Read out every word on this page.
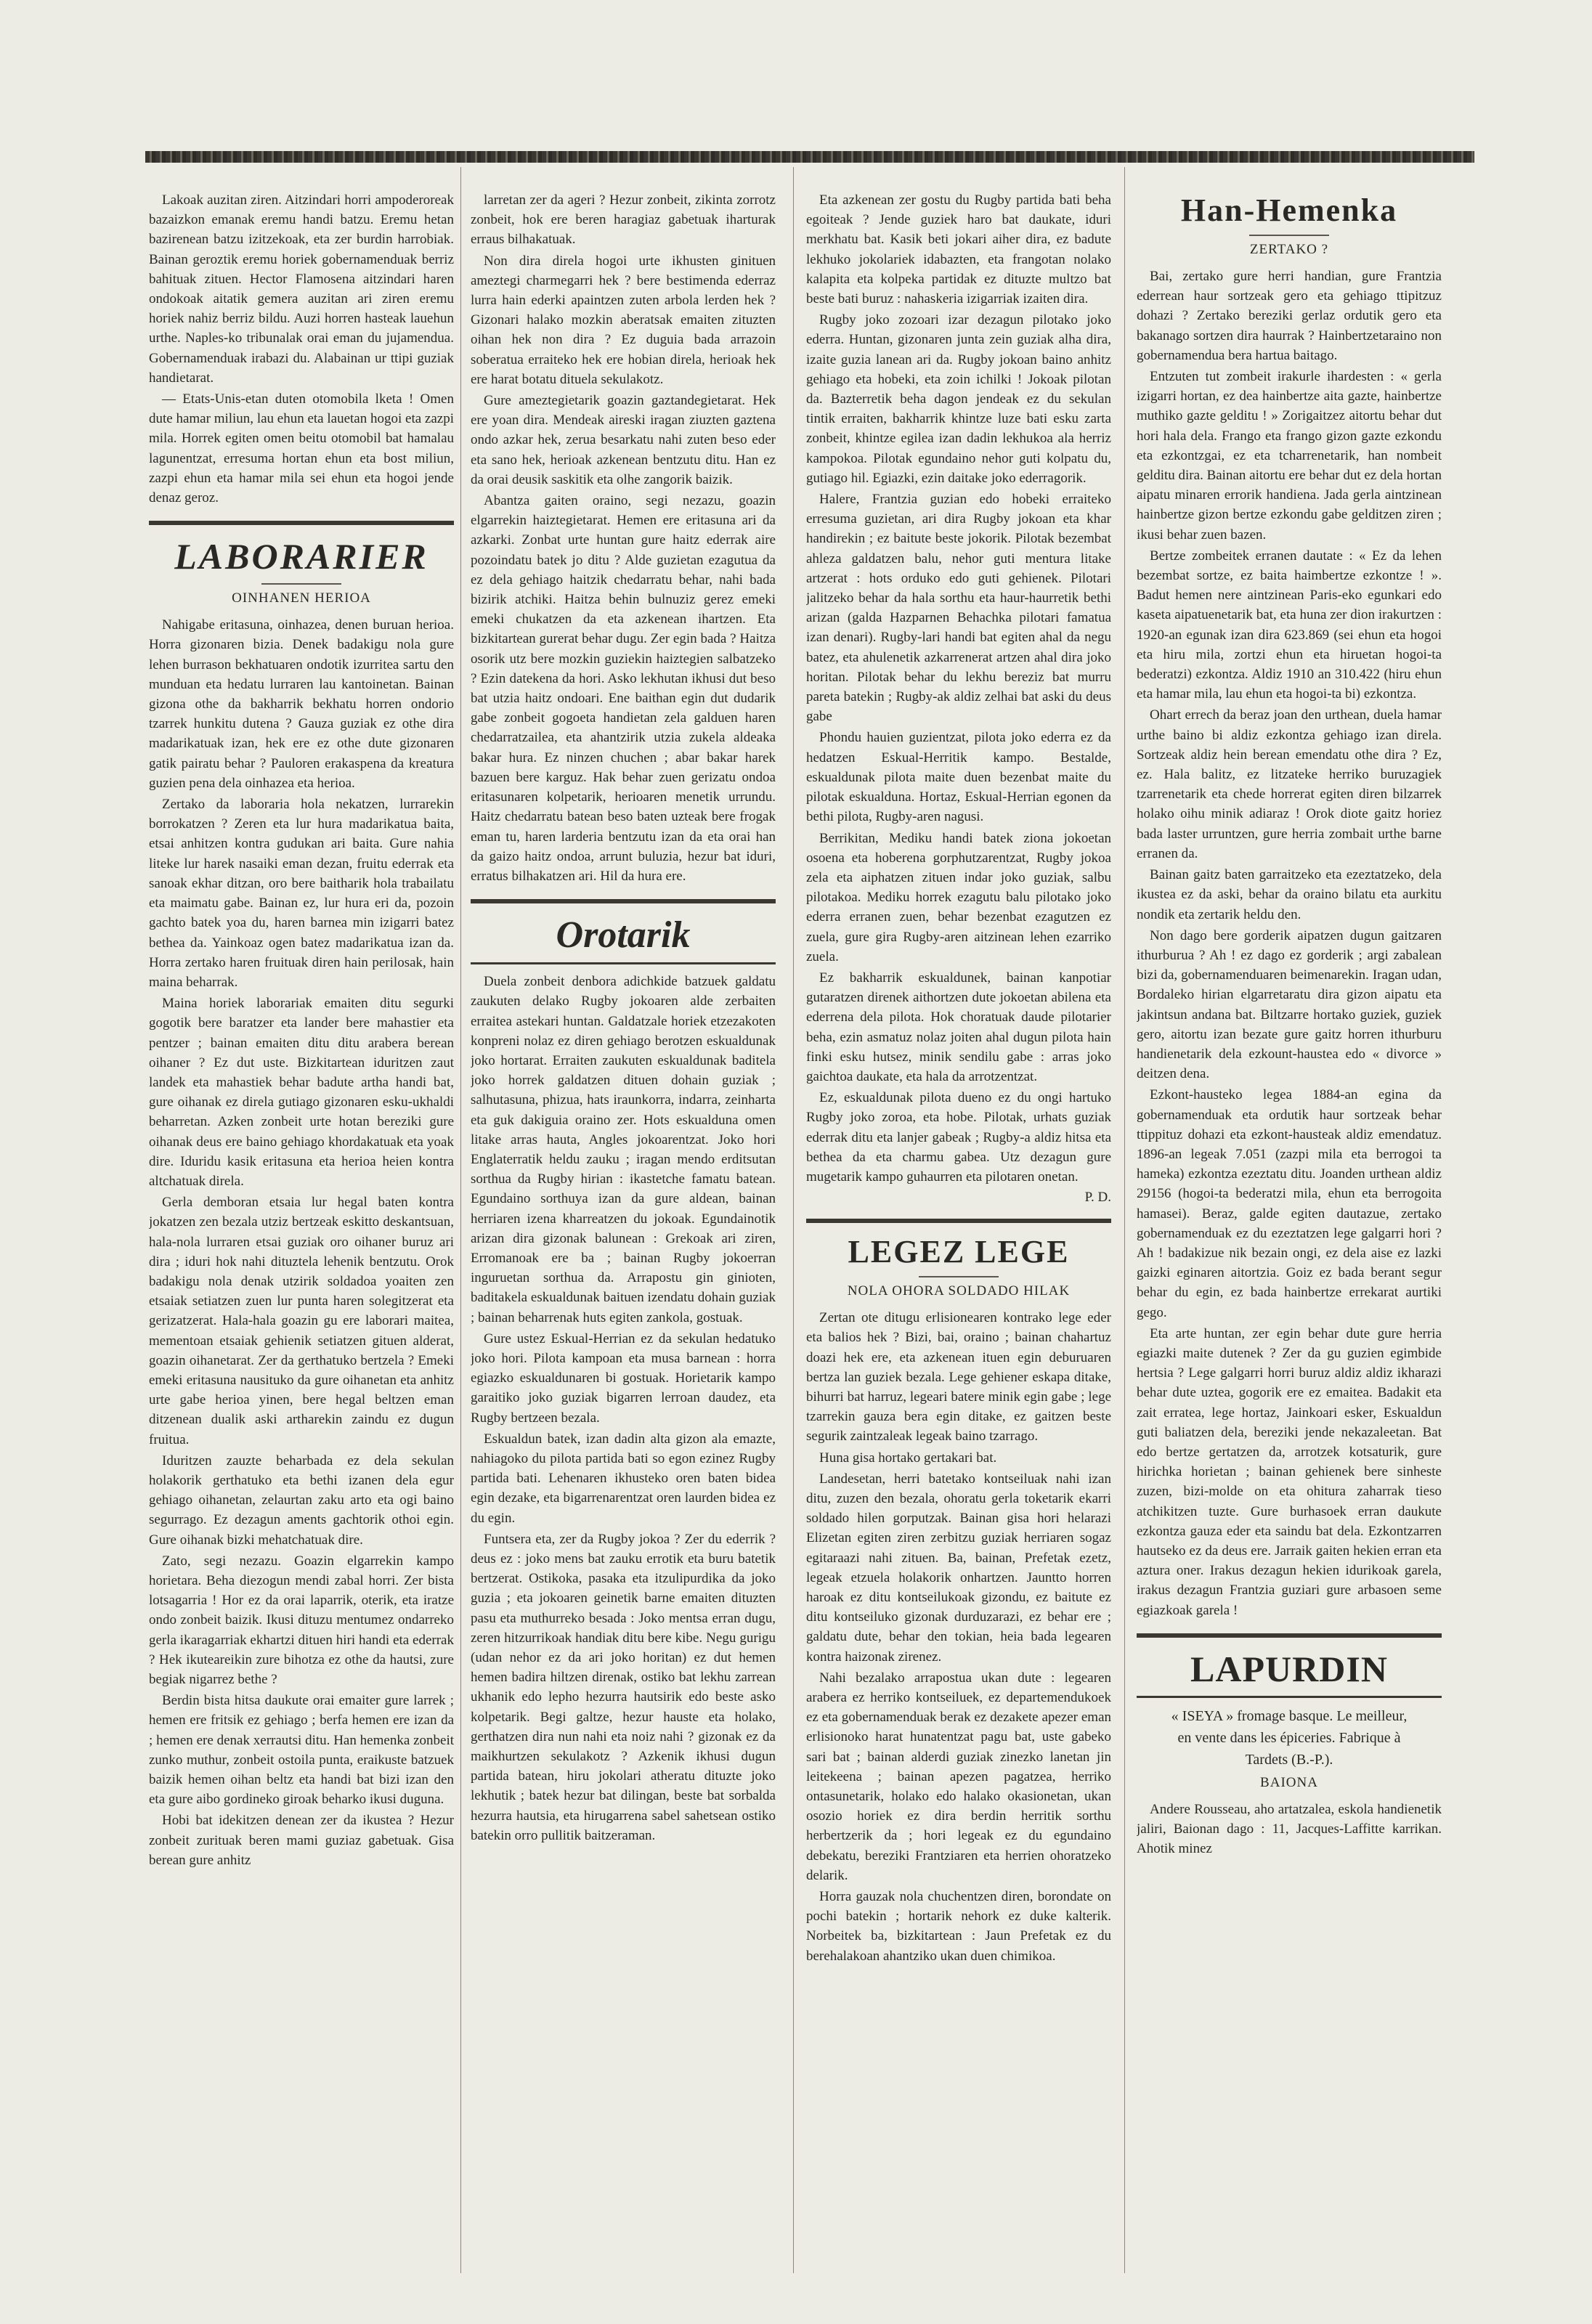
Lakoak auzitan ziren. Aitzindari horri ampoderoreak bazaizkon emanak eremu handi batzu. Eremu hetan bazirenean batzu izitzekoak, eta zer burdin harrobiak. Bainan geroztik eremu horiek gobernamenduak berriz bahituak zituen. Hector Flamosena aitzindari haren ondokoak aitatik gemera auzitan ari ziren eremu horiek nahiz berriz bildu. Auzi horren hasteak lauehun urthe. Naples-ko tribunalak orai eman du jujamendua. Gobernamenduak irabazi du. Alabainan ur ttipi guziak handietarat.

— Etats-Unis-etan duten otomobila lketa ! Omen dute hamar miliun, lau ehun eta lauetan hogoi eta zazpi mila. Horrek egiten omen beitu otomobil bat hamalau lagunentzat, erresuma hortan ehun eta bost miliun, zazpi ehun eta hamar mila sei ehun eta hogoi jende denaz geroz.

LABORARIER
OINHANEN HERIOA

Nahigabe eritasuna, oinhazea, denen buruan herioa. Horra gizonaren bizia. Denek badakigu nola gure lehen burrason bekhatuaren ondotik izurritea sartu den munduan eta hedatu lurraren lau kantoinetan. Bainan gizona othe da bakharrik bekhatu horren ondorio tzarrek hunkitu dutena ? Gauza guziak ez othe dira madarikatuak izan, hek ere ez othe dute gizonaren gatik pairatu behar ? Pauloren erakaspena da kreatura guzien pena dela oinhazea eta herioa.

Zertako da laboraria hola nekatzen, lurrarekin borrokatzen ? Zeren eta lur hura madarikatua baita, etsai anhitzen kontra gudukan ari baita. Gure nahia liteke lur harek nasaiki eman dezan, fruitu ederrak eta sanoak ekhar ditzan, oro bere baitharik hola trabailatu eta maimatu gabe. Bainan ez, lur hura eri da, pozoin gachto batek yoa du, haren barnea min izigarri batez bethea da. Yainkoaz ogen batez madarikatua izan da. Horra zertako haren fruituak diren hain perilosak, hain maina beharrak.

Maina horiek laborariak emaiten ditu segurki gogotik bere baratzer eta lander bere mahastier eta pentzer ; bainan emaiten ditu ditu arabera berean oihaner ? Ez dut uste. Bizkitartean iduritzen zaut landek eta mahastiek behar badute artha handi bat, gure oihanak ez direla gutiago gizonaren esku-ukhaldi beharretan. Azken zonbeit urte hotan bereziki gure oihanak deus ere baino gehiago khordakatuak eta yoak dire. Iduridu kasik eritasuna eta herioa heien kontra altchatuak direla.

Gerla demboran etsaia lur hegal baten kontra jokatzen zen bezala utziz bertzeak eskitto deskantsuan, hala-nola lurraren etsai guziak oro oihaner buruz ari dira ; iduri hok nahi dituztela lehenik bentzutu. Orok badakigu nola denak utzirik soldadoa yoaiten zen etsaiak setiatzen zuen lur punta haren solegitzerat eta gerizatzerat. Hala-hala goazin gu ere laborari maitea, mementoan etsaiak gehienik setiatzen gituen alderat, goazin oihanetarat. Zer da gerthatuko bertzela ? Emeki emeki eritasuna nausituko da gure oihanetan eta anhitz urte gabe herioa yinen, bere hegal beltzen eman ditzenean dualik aski artharekin zaindu ez dugun fruitua.

Iduritzen zauzte beharbada ez dela sekulan holakorik gerthatuko eta bethi izanen dela egur gehiago oihanetan, zelaurtan zaku arto eta ogi baino segurrago. Ez dezagun aments gachtorik othoi egin. Gure oihanak bizki mehatchatuak dire.

Zato, segi nezazu. Goazin elgarrekin kampo horietara. Beha diezogun mendi zabal horri. Zer bista lotsagarria ! Hor ez da orai laparrik, oterik, eta iratze ondo zonbeit baizik. Ikusi dituzu mentumez ondarreko gerla ikaragarriak ekhartzi dituen hiri handi eta ederrak ? Hek ikuteareikin zure bihotza ez othe da hautsi, zure begiak nigarrez bethe ?

Berdin bista hitsa daukute orai emaiter gure larrek ; hemen ere fritsik ez gehiago ; berfa hemen ere izan da ; hemen ere denak xerrautsi ditu. Han hemenka zonbeit zunko muthur, zonbeit ostoila punta, eraikuste batzuek baizik hemen oihan beltz eta handi bat bizi izan den eta gure aibo gordineko giroak beharko ikusi duguna.

Hobi bat idekitzen denean zer da ikustea ? Hezur zonbeit zurituak beren mami guziaz gabetuak. Gisa berean gure anhitz

larretan zer da ageri ? Hezur zonbeit, zikinta zorrotz zonbeit, hok ere beren haragiaz gabetuak iharturak erraus bilhakatuak.

Non dira direla hogoi urte ikhusten ginituen ameztegi charmegarri hek ? bere bestimenda ederraz lurra hain ederki apaintzen zuten arbola lerden hek ? Gizonari halako mozkin aberatsak emaiten zituzten oihan hek non dira ? Ez duguia bada arrazoin soberatua erraiteko hek ere hobian direla, herioak hek ere harat botatu dituela sekulakotz.

Gure ameztegietarik goazin gaztandegietarat. Hek ere yoan dira. Mendeak aireski iragan ziuzten gaztena ondo azkar hek, zerua besarkatu nahi zuten beso eder eta sano hek, herioak azkenean bentzutu ditu. Han ez da orai deusik saskitik eta olhe zangorik baizik.

Abantza gaiten oraino, segi nezazu, goazin elgarrekin haiztegietarat. Hemen ere eritasuna ari da azkarki. Zonbat urte huntan gure haitz ederrak aire pozoindatu batek jo ditu ? Alde guzietan ezagutua da ez dela gehiago haitzik chedarratu behar, nahi bada bizirik atchiki. Haitza behin bulnuziz gerez emeki emeki chukatzen da eta azkenean ihartzen. Eta bizkitartean gurerat behar dugu. Zer egin bada ? Haitza osorik utz bere mozkin guziekin haiztegien salbatzeko ? Ezin datekena da hori. Asko lekhutan ikhusi dut beso bat utzia haitz ondoari. Ene baithan egin dut dudarik gabe zonbeit gogoeta handietan zela galduen haren chedarratzailea, eta ahantzirik utzia zukela aldeaka bakar hura. Ez ninzen chuchen ; abar bakar harek bazuen bere karguz. Hak behar zuen gerizatu ondoa eritasunaren kolpetarik, herioaren menetik urrundu. Haitz chedarratu batean beso baten uzteak bere frogak eman tu, haren larderia bentzutu izan da eta orai han da gaizo haitz ondoa, arrunt buluzia, hezur bat iduri, erratus bilhakatzen ari. Hil da hura ere.

Orotarik

Duela zonbeit denbora adichkide batzuek galdatu zaukuten delako Rugby jokoaren alde zerbaiten erraitea astekari huntan. Galdatzale horiek etzezakoten konpreni nolaz ez diren gehiago berotzen eskualdunak joko hortarat. Erraiten zaukuten eskualdunak baditela joko horrek galdatzen dituen dohain guziak ; salhutasuna, phizua, hats iraunkorra, indarra, zeinharta eta guk dakiguia oraino zer. Hots eskualduna omen litake arras hauta, Angles jokoarentzat. Joko hori Englaterratik heldu zauku ; iragan mendo erditsutan sorthua da Rugby hirian : ikastetche famatu batean. Egundaino sorthuya izan da gure aldean, bainan herriaren izena kharreatzen du jokoak. Egundainotik arizan dira gizonak balunean : Grekoak ari ziren, Erromanoak ere ba ; bainan Rugby jokoerran inguruetan sorthua da. Arrapostu gin ginioten, baditakela eskualdunak baituen izendatu dohain guziak ; bainan beharrenak huts egiten zankola, gostuak.

Gure ustez Eskual-Herrian ez da sekulan hedatuko joko hori. Pilota kampoan eta musa barnean : horra egiazko eskualdunaren bi gostuak. Horietarik kampo garaitiko joko guziak bigarren lerroan daudez, eta Rugby bertzeen bezala.

Eskualdun batek, izan dadin alta gizon ala emazte, nahiagoko du pilota partida bati so egon ezinez Rugby partida bati. Lehenaren ikhusteko oren baten bidea egin dezake, eta bigarrenarentzat oren laurden bidea ez du egin.

Funtsera eta, zer da Rugby jokoa ? Zer du ederrik ? deus ez : joko mens bat zauku errotik eta buru batetik bertzerat. Ostikoka, pasaka eta itzulipurdika da joko guzia ; eta jokoaren geinetik barne emaiten dituzten pasu eta muthurreko besada : Joko mentsa erran dugu, zeren hitzurrikoak handiak ditu bere kibe. Negu gurigu (udan nehor ez da ari joko horitan) ez dut hemen hemen badira hiltzen direnak, ostiko bat lekhu zarrean ukhanik edo lepho hezurra hautsirik edo beste asko kolpetarik. Begi galtze, hezur hauste eta holako, gerthatzen dira nun nahi eta noiz nahi ? gizonak ez da maikhurtzen sekulakotz ? Azkenik ikhusi dugun partida batean, hiru jokolari atheratu dituzte joko lekhutik ; batek hezur bat dilingan, beste bat sorbalda hezurra hautsia, eta hirugarrena sabel sahetsean ostiko batekin orro pullitik baitzeraman.

Eta azkenean zer gostu du Rugby partida bati beha egoiteak ? Jende guziek haro bat daukate, iduri merkhatu bat. Kasik beti jokari aiher dira, ez badute lekhuko jokolariek idabazten, eta frangotan nolako kalapita eta kolpeka partidak ez dituzte multzo bat beste bati buruz : nahaskeria izigarriak izaiten dira.

Rugby joko zozoari izar dezagun pilotako joko ederra. Huntan, gizonaren junta zein guziak alha dira, izaite guzia lanean ari da. Rugby jokoan baino anhitz gehiago eta hobeki, eta zoin ichilki ! Jokoak pilotan da. Bazterretik beha dagon jendeak ez du sekulan tintik erraiten, bakharrik khintze luze bati esku zarta zonbeit, khintze egilea izan dadin lekhukoa ala herriz kampokoa. Pilotak egundaino nehor guti kolpatu du, gutiago hil. Egiazki, ezin daitake joko ederragorik.

Halere, Frantzia guzian edo hobeki erraiteko erresuma guzietan, ari dira Rugby jokoan eta khar handirekin ; ez baitute beste jokorik. Pilotak bezembat ahleza galdatzen balu, nehor guti mentura litake artzerat : hots orduko edo guti gehienek. Pilotari jalitzeko behar da hala sorthu eta haur-haurretik bethi arizan (galda Hazparnen Behachka pilotari famatua izan denari). Rugby-lari handi bat egiten ahal da negu batez, eta ahulenetik azkarrenerat artzen ahal dira joko horitan. Pilotak behar du lekhu bereziz bat murru pareta batekin ; Rugby-ak aldiz zelhai bat aski du deus gabe

Phondu hauien guzientzat, pilota joko ederra ez da hedatzen Eskual-Herritik kampo. Bestalde, eskualdunak pilota maite duen bezenbat maite du pilotak eskualduna. Hortaz, Eskual-Herrian egonen da bethi pilota, Rugby-aren nagusi.

Berrikitan, Mediku handi batek ziona jokoetan osoena eta hoberena gorphutzarentzat, Rugby jokoa zela eta aiphatzen zituen indar joko guziak, salbu pilotakoa. Mediku horrek ezagutu balu pilotako joko ederra erranen zuen, behar bezenbat ezagutzen ez zuela, gure gira Rugby-aren aitzinean lehen ezarriko zuela.

Ez bakharrik eskualdunek, bainan kanpotiar gutaratzen direnek aithortzen dute jokoetan abilena eta ederrena dela pilota. Hok choratuak daude pilotarier beha, ezin asmatuz nolaz joiten ahal dugun pilota hain finki esku hutsez, minik sendilu gabe : arras joko gaichtoa daukate, eta hala da arrotzentzat.

Ez, eskualdunak pilota dueno ez du ongi hartuko Rugby joko zoroa, eta hobe. Pilotak, urhats guziak ederrak ditu eta lanjer gabeak ; Rugby-a aldiz hitsa eta bethea da eta charmu gabea. Utz dezagun gure mugetarik kampo guhaurren eta pilotaren onetan.

P. D.
LEGEZ LEGE
NOLA OHORA SOLDADO HILAK

Zertan ote ditugu erlisionearen kontrako lege eder eta balios hek ? Bizi, bai, oraino ; bainan chahartuz doazi hek ere, eta azkenean ituen egin deburuaren bertza lan guziek bezala. Lege gehiener eskapa ditake, bihurri bat harruz, legeari batere minik egin gabe ; lege tzarrekin gauza bera egin ditake, ez gaitzen beste segurik zaintzaleak legeak baino tzarrago.

Huna gisa hortako gertakari bat.

Landesetan, herri batetako kontseiluak nahi izan ditu, zuzen den bezala, ohoratu gerla toketarik ekarri soldado hilen gorputzak. Bainan gisa hori helarazi Elizetan egiten ziren zerbitzu guziak herriaren sogaz egitaraazi nahi zituen. Ba, bainan, Prefetak ezetz, legeak etzuela holakorik onhartzen. Jauntto horren haroak ez ditu kontseilukoak gizondu, ez baitute ez ditu kontseiluko gizonak durduzarazi, ez behar ere ; galdatu dute, behar den tokian, heia bada legearen kontra haizonak zirenez.

Nahi bezalako arrapostua ukan dute : legearen arabera ez herriko kontseiluek, ez departemendukoek ez eta gobernamenduak berak ez dezakete apezer eman erlisionoko harat hunatentzat pagu bat, uste gabeko sari bat ; bainan alderdi guziak zinezko lanetan jin leitekeena ; bainan apezen pagatzea, herriko ontasunetarik, holako edo halako okasionetan, ukan osozio horiek ez dira berdin herritik sorthu herbertzerik da ; hori legeak ez du egundaino debekatu, bereziki Frantziaren eta herrien ohoratzeko delarik.

Horra gauzak nola chuchentzen diren, borondate on pochi batekin ; hortarik nehork ez duke kalterik. Norbeitek ba, bizkitartean : Jaun Prefetak ez du berehalakoan ahantziko ukan duen chimikoa.

Han-Hemenka
ZERTAKO ?

Bai, zertako gure herri handian, gure Frantzia ederrean haur sortzeak gero eta gehiago ttipitzuz dohazi ? Zertako bereziki gerlaz ordutik gero eta bakanago sortzen dira haurrak ? Hainbertzetaraino non gobernamendua bera hartua baitago.

Entzuten tut zombeit irakurle ihardesten : « gerla izigarri hortan, ez dea hainbertze aita gazte, hainbertze muthiko gazte gelditu ! » Zorigaitzez aitortu behar dut hori hala dela. Frango eta frango gizon gazte ezkondu eta ezkontzgai, ez eta tcharrenetarik, han nombeit gelditu dira. Bainan aitortu ere behar dut ez dela hortan aipatu minaren errorik handiena. Jada gerla aintzinean hainbertze gizon bertze ezkondu gabe gelditzen ziren ; ikusi behar zuen bazen.

Bertze zombeitek erranen dautate : « Ez da lehen bezembat sortze, ez baita haimbertze ezkontze ! ». Badut hemen nere aintzinean Paris-eko egunkari edo kaseta aipatuenetarik bat, eta huna zer dion irakurtzen : 1920-an egunak izan dira 623.869 (sei ehun eta hogoi eta hiru mila, zortzi ehun eta hiruetan hogoi-ta bederatzi) ezkontza. Aldiz 1910 an 310.422 (hiru ehun eta hamar mila, lau ehun eta hogoi-ta bi) ezkontza.

Ohart errech da beraz joan den urthean, duela hamar urthe baino bi aldiz ezkontza gehiago izan direla. Sortzeak aldiz hein berean emendatu othe dira ? Ez, ez. Hala balitz, ez litzateke herriko buruzagiek tzarrenetarik eta chede horrerat egiten diren bilzarrek holako oihu minik adiaraz ! Orok diote gaitz horiez bada laster urruntzen, gure herria zombait urthe barne erranen da.

Bainan gaitz baten garraitzeko eta ezeztatzeko, dela ikustea ez da aski, behar da oraino bilatu eta aurkitu nondik eta zertarik heldu den.

Non dago bere gorderik aipatzen dugun gaitzaren ithurburua ? Ah ! ez dago ez gorderik ; argi zabalean bizi da, gobernamenduaren beimenarekin. Iragan udan, Bordaleko hirian elgarretaratu dira gizon aipatu eta jakintsun andana bat. Biltzarre hortako guziek, guziek gero, aitortu izan bezate gure gaitz horren ithurburu handienetarik dela ezkount-haustea edo « divorce » deitzen dena.

Ezkont-hausteko legea 1884-an egina da gobernamenduak eta ordutik haur sortzeak behar ttippituz dohazi eta ezkont-hausteak aldiz emendatuz. 1896-an legeak 7.051 (zazpi mila eta berrogoi ta hameka) ezkontza ezeztatu ditu. Joanden urthean aldiz 29156 (hogoi-ta bederatzi mila, ehun eta berrogoita hamasei). Beraz, galde egiten dautazue, zertako gobernamenduak ez du ezeztatzen lege galgarri hori ? Ah ! badakizue nik bezain ongi, ez dela aise ez lazki gaizki eginaren aitortzia. Goiz ez bada berant segur behar du egin, ez bada hainbertze errekarat aurtiki gego.

Eta arte huntan, zer egin behar dute gure herria egiazki maite dutenek ? Zer da gu guzien egimbide hertsia ? Lege galgarri horri buruz aldiz aldiz ikharazi behar dute uztea, gogorik ere ez emaitea. Badakit eta zait erratea, lege hortaz, Jainkoari esker, Eskualdun guti baliatzen dela, bereziki jende nekazaleetan. Bat edo bertze gertatzen da, arrotzek kotsaturik, gure hirichka horietan ; bainan gehienek bere sinheste zuzen, bizi-molde on eta ohitura zaharrak tieso atchikitzen tuzte. Gure burhasoek erran daukute ezkontza gauza eder eta saindu bat dela. Ezkontzarren hautseko ez da deus ere. Jarraik gaiten hekien erran eta aztura oner. Irakus dezagun hekien idurikoak garela, irakus dezagun Frantzia guziari gure arbasoen seme egiazkoak garela !

LAPURDIN
« ISEYA » fromage basque. Le meilleur,
en vente dans les épiceries. Fabrique à
Tardets (B.-P.).
BAIONA

Andere Rousseau, aho artatzalea, eskola handienetik jaliri, Baionan dago : 11, Jacques-Laffitte karrikan. Ahotik minez
